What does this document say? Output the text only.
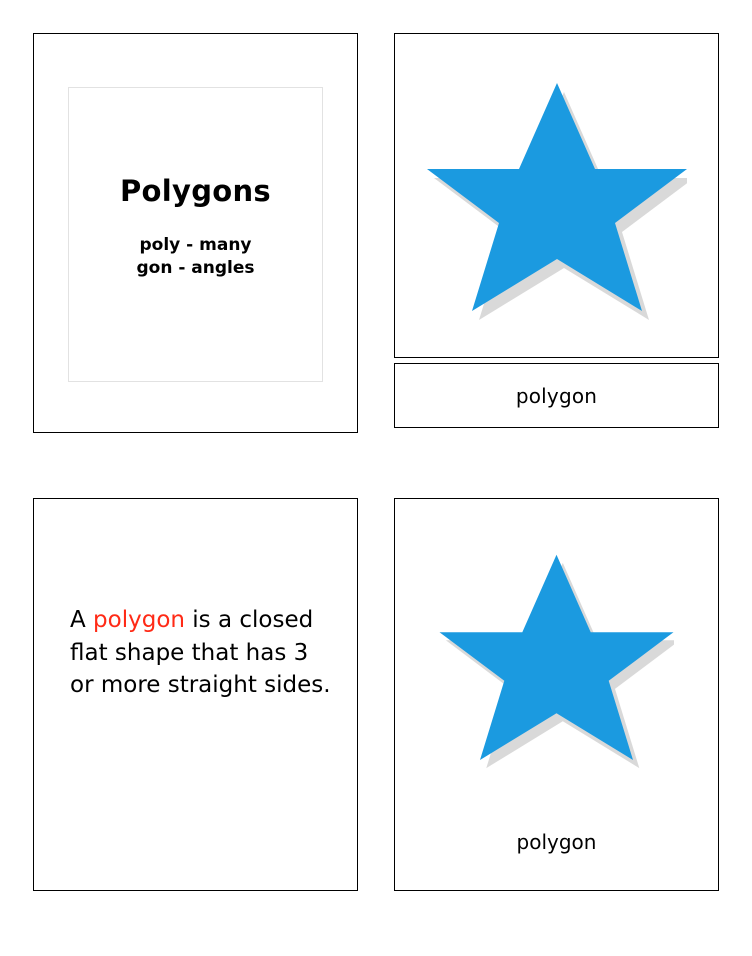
Polygons
poly - many
gon - angles
polygon
A polygon is a closed flat shape that has 3 or more straight sides.
polygon
